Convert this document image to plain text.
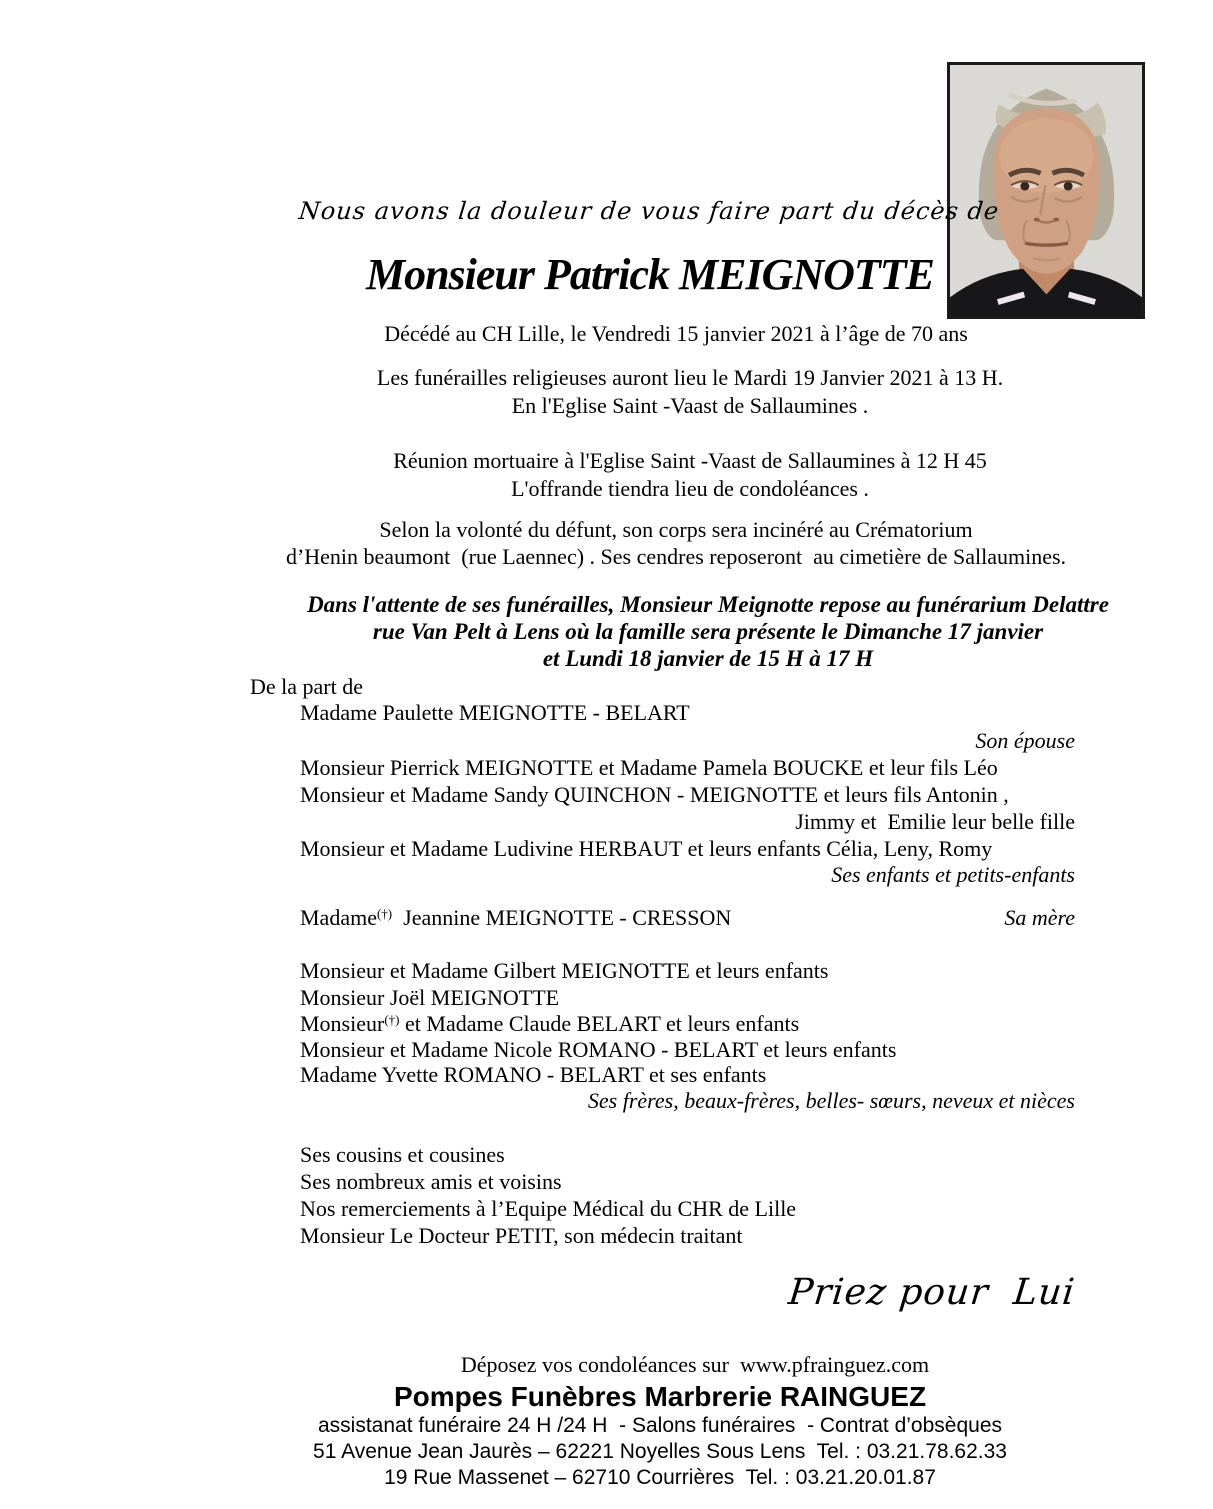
Nous avons la douleur de vous faire part du décès de
Monsieur Patrick MEIGNOTTE
Décédé au CH Lille, le Vendredi 15 janvier 2021 à l’âge de 70 ans
Les funérailles religieuses auront lieu le Mardi 19 Janvier 2021 à 13 H.
En l'Eglise Saint -Vaast de Sallaumines .
Réunion mortuaire à l'Eglise Saint -Vaast de Sallaumines à 12 H 45
L'offrande tiendra lieu de condoléances .
Selon la volonté du défunt, son corps sera incinéré au Crématorium
d’Henin beaumont  (rue Laennec) . Ses cendres reposeront  au cimetière de Sallaumines.
Dans l'attente de ses funérailles, Monsieur Meignotte repose au funérarium Delattre
rue Van Pelt à Lens où la famille sera présente le Dimanche 17 janvier
et Lundi 18 janvier de 15 H à 17 H
De la part de
Madame Paulette MEIGNOTTE - BELART
Son épouse
Monsieur Pierrick MEIGNOTTE et Madame Pamela BOUCKE et leur fils Léo
Monsieur et Madame Sandy QUINCHON - MEIGNOTTE et leurs fils Antonin ,
Jimmy et  Emilie leur belle fille
Monsieur et Madame Ludivine HERBAUT et leurs enfants Célia, Leny, Romy
Ses enfants et petits-enfants
Madame(†)  Jeannine MEIGNOTTE - CRESSON	Sa mère
Monsieur et Madame Gilbert MEIGNOTTE et leurs enfants
Monsieur Joël MEIGNOTTE
Monsieur(†) et Madame Claude BELART et leurs enfants
Monsieur et Madame Nicole ROMANO - BELART et leurs enfants
Madame Yvette ROMANO - BELART et ses enfants
Ses frères, beaux-frères, belles- sœurs, neveux et nièces
Ses cousins et cousines
Ses nombreux amis et voisins
Nos remerciements à l’Equipe Médical du CHR de Lille
Monsieur Le Docteur PETIT, son médecin traitant
Priez pour  Lui
Déposez vos condoléances sur  www.pfrainguez.com
Pompes Funèbres Marbrerie RAINGUEZ
assistanat funéraire 24 H /24 H  - Salons funéraires  - Contrat d’obsèques
51 Avenue Jean Jaurès – 62221 Noyelles Sous Lens  Tel. : 03.21.78.62.33
19 Rue Massenet – 62710 Courrières  Tel. : 03.21.20.01.87
